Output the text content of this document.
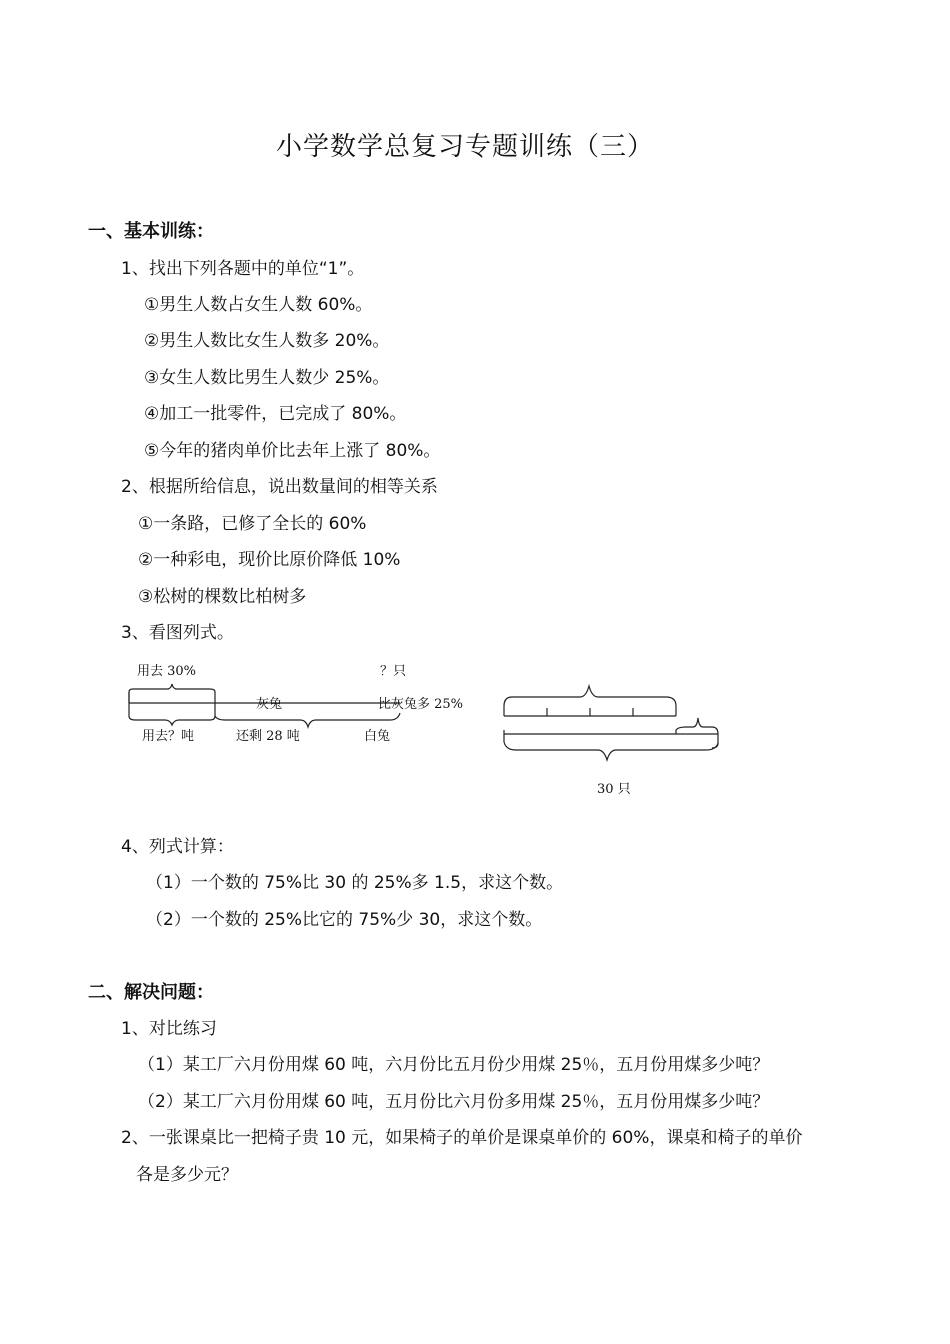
小学数学总复习专题训练（三）
一、基本训练：
1、找出下列各题中的单位“1”。
①男生人数占女生人数 60%。
②男生人数比女生人数多 20%。
③女生人数比男生人数少 25%。
④加工一批零件，已完成了 80%。
⑤今年的猪肉单价比去年上涨了 80%。
2、根据所给信息，说出数量间的相等关系
①一条路，已修了全长的 60%
②一种彩电，现价比原价降低 10%
③松树的棵数比柏树多
3、看图列式。
用去 30%
用去？吨	还剩 28 吨
？只
灰兔	比灰兔多 25%
白兔
30 只
4、列式计算：
（1）一个数的 75%比 30 的 25%多 1.5，求这个数。
（2）一个数的 25%比它的 75%少 30，求这个数。
二、解决问题：
1、对比练习
（1）某工厂六月份用煤 60 吨，六月份比五月份少用煤 25％，五月份用煤多少吨？
（2）某工厂六月份用煤 60 吨，五月份比六月份多用煤 25％，五月份用煤多少吨？
2、一张课桌比一把椅子贵 10 元，如果椅子的单价是课桌单价的 60%，课桌和椅子的单价
各是多少元？
